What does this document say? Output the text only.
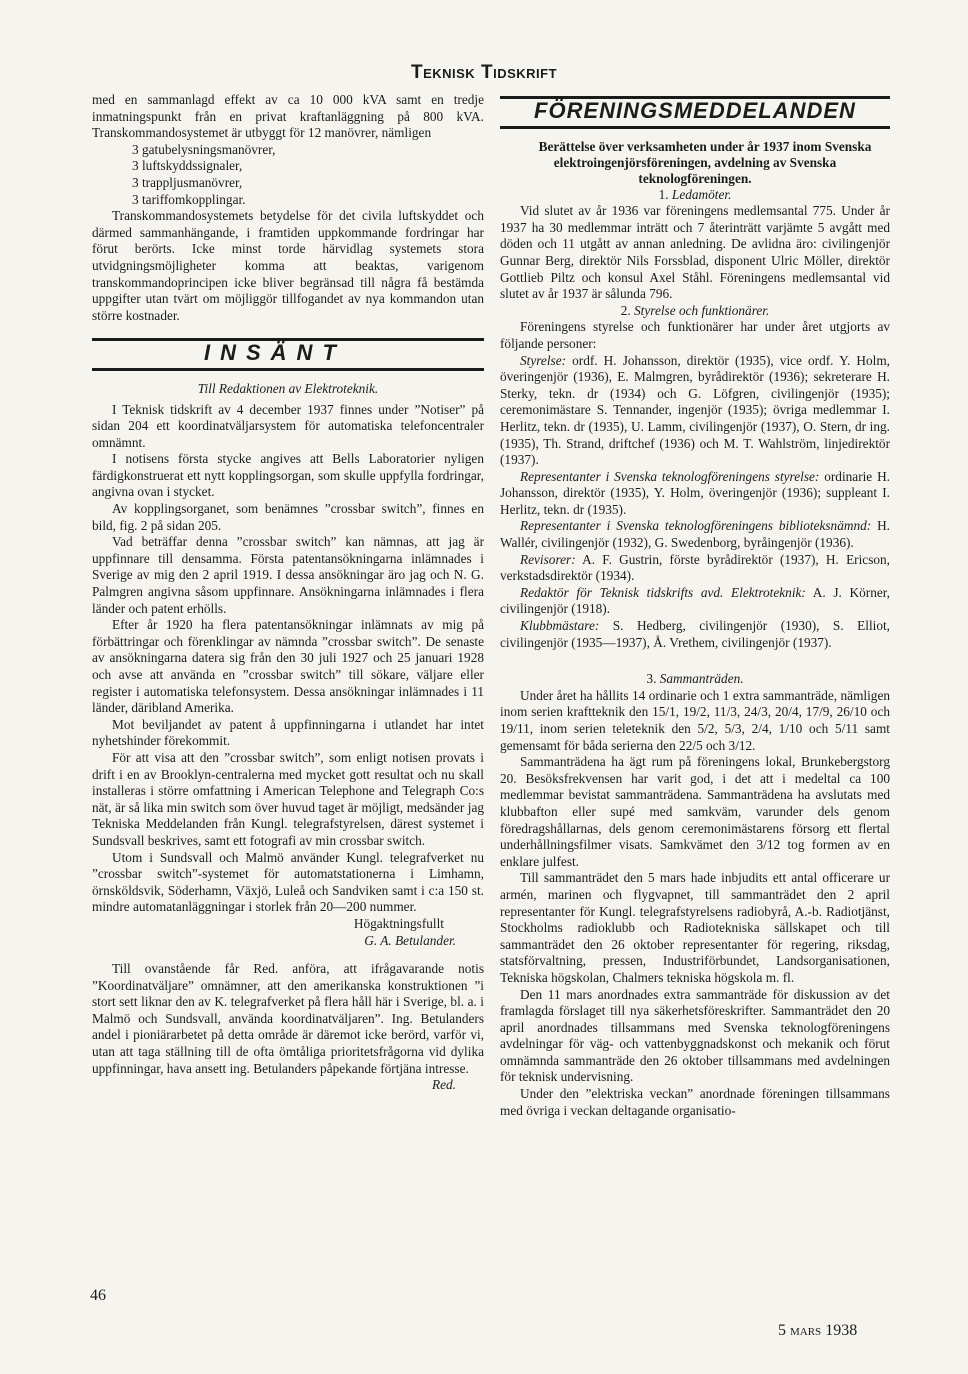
Teknisk Tidskrift

med en sammanlagd effekt av ca 10 000 kVA samt en tredje inmatningspunkt från en privat kraftanläggning på 800 kVA. Transkommandosystemet är utbyggt för 12 manövrer, nämligen

3 gatubelysningsmanövrer,

3 luftskyddssignaler,

3 trappljusmanövrer,

3 tariffomkopplingar.

Transkommandosystemets betydelse för det civila luftskyddet och därmed sammanhängande, i framtiden uppkommande fordringar har förut berörts. Icke minst torde härvidlag systemets stora utvidgningsmöjligheter komma att beaktas, varigenom transkommandoprincipen icke bliver begränsad till några få bestämda uppgifter utan tvärt om möjliggör tillfogandet av nya kommandon utan större kostnader.

INSÄNT

Till Redaktionen av Elektroteknik.

I Teknisk tidskrift av 4 december 1937 finnes under ”Notiser” på sidan 204 ett koordinatväljarsystem för automatiska telefoncentraler omnämnt.

I notisens första stycke angives att Bells Laboratorier nyligen färdigkonstruerat ett nytt kopplingsorgan, som skulle uppfylla fordringar, angivna ovan i stycket.

Av kopplingsorganet, som benämnes ”crossbar switch”, finnes en bild, fig. 2 på sidan 205.

Vad beträffar denna ”crossbar switch” kan nämnas, att jag är uppfinnare till densamma. Första patentansökningarna inlämnades i Sverige av mig den 2 april 1919. I dessa ansökningar äro jag och N. G. Palmgren angivna såsom uppfinnare. Ansökningarna inlämnades i flera länder och patent erhölls.

Efter år 1920 ha flera patentansökningar inlämnats av mig på förbättringar och förenklingar av nämnda ”crossbar switch”. De senaste av ansökningarna datera sig från den 30 juli 1927 och 25 januari 1928 och avse att använda en ”crossbar switch” till sökare, väljare eller register i automatiska telefonsystem. Dessa ansökningar inlämnades i 11 länder, däribland Amerika.

Mot beviljandet av patent å uppfinningarna i utlandet har intet nyhetshinder förekommit.

För att visa att den ”crossbar switch”, som enligt notisen provats i drift i en av Brooklyn-centralerna med mycket gott resultat och nu skall installeras i större omfattning i American Telephone and Telegraph Co:s nät, är så lika min switch som över huvud taget är möjligt, medsänder jag Tekniska Meddelanden från Kungl. telegrafstyrelsen, därest systemet i Sundsvall beskrives, samt ett fotografi av min crossbar switch.

Utom i Sundsvall och Malmö använder Kungl. telegrafverket nu ”crossbar switch”-systemet för automatstationerna i Limhamn, örnsköldsvik, Söderhamn, Växjö, Luleå och Sandviken samt i c:a 150 st. mindre automatanläggningar i storlek från 20—200 nummer.

Högaktningsfullt

G. A. Betulander.

Till ovanstående får Red. anföra, att ifrågavarande notis ”Koordinatväljare” omnämner, att den amerikanska konstruktionen ”i stort sett liknar den av K. telegrafverket på flera håll här i Sverige, bl. a. i Malmö och Sundsvall, använda koordinatväljaren”. Ing. Betulanders andel i pioniärarbetet på detta område är däremot icke berörd, varför vi, utan att taga ställning till de ofta ömtåliga prioritetsfrågorna vid dylika uppfinningar, hava ansett ing. Betulanders påpekande förtjäna intresse.

Red.

FÖRENINGSMEDDELANDEN

Berättelse över verksamheten under år 1937 inom Svenska elektroingenjörsföreningen, avdelning av Svenska teknologföreningen.

1. Ledamöter.

Vid slutet av år 1936 var föreningens medlemsantal 775. Under år 1937 ha 30 medlemmar inträtt och 7 återinträtt varjämte 5 avgått med döden och 11 utgått av annan anledning. De avlidna äro: civilingenjör Gunnar Berg, direktör Nils Forssblad, disponent Ulric Möller, direktör Gottlieb Piltz och konsul Axel Ståhl. Föreningens medlemsantal vid slutet av år 1937 är sålunda 796.

2. Styrelse och funktionärer.

Föreningens styrelse och funktionärer har under året utgjorts av följande personer:

Styrelse: ordf. H. Johansson, direktör (1935), vice ordf. Y. Holm, överingenjör (1936), E. Malmgren, byrådirektör (1936); sekreterare H. Sterky, tekn. dr (1934) och G. Löfgren, civilingenjör (1935); ceremonimästare S. Tennander, ingenjör (1935); övriga medlemmar I. Herlitz, tekn. dr (1935), U. Lamm, civilingenjör (1937), O. Stern, dr ing. (1935), Th. Strand, driftchef (1936) och M. T. Wahlström, linjedirektör (1937).

Representanter i Svenska teknologföreningens styrelse: ordinarie H. Johansson, direktör (1935), Y. Holm, överingenjör (1936); suppleant I. Herlitz, tekn. dr (1935).

Representanter i Svenska teknologföreningens biblioteksnämnd: H. Wallér, civilingenjör (1932), G. Swedenborg, byråingenjör (1936).

Revisorer: A. F. Gustrin, förste byrådirektör (1937), H. Ericson, verkstadsdirektör (1934).

Redaktör för Teknisk tidskrifts avd. Elektroteknik: A. J. Körner, civilingenjör (1918).

Klubbmästare: S. Hedberg, civilingenjör (1930), S. Elliot, civilingenjör (1935—1937), Å. Vrethem, civilingenjör (1937).

3. Sammanträden.

Under året ha hållits 14 ordinarie och 1 extra sammanträde, nämligen inom serien kraftteknik den 15/1, 19/2, 11/3, 24/3, 20/4, 17/9, 26/10 och 19/11, inom serien teleteknik den 5/2, 5/3, 2/4, 1/10 och 5/11 samt gemensamt för båda serierna den 22/5 och 3/12.

Sammanträdena ha ägt rum på föreningens lokal, Brunkebergstorg 20. Besöksfrekvensen har varit god, i det att i medeltal ca 100 medlemmar bevistat sammanträdena. Sammanträdena ha avslutats med klubbafton eller supé med samkväm, varunder dels genom föredragshållarnas, dels genom ceremonimästarens försorg ett flertal underhållningsfilmer visats. Samkvämet den 3/12 tog formen av en enklare julfest.

Till sammanträdet den 5 mars hade inbjudits ett antal officerare ur armén, marinen och flygvapnet, till sammanträdet den 2 april representanter för Kungl. telegrafstyrelsens radiobyrå, A.-b. Radiotjänst, Stockholms radioklubb och Radiotekniska sällskapet och till sammanträdet den 26 oktober representanter för regering, riksdag, statsförvaltning, pressen, Industriförbundet, Landsorganisationen, Tekniska högskolan, Chalmers tekniska högskola m. fl.

Den 11 mars anordnades extra sammanträde för diskussion av det framlagda förslaget till nya säkerhetsföreskrifter. Sammanträdet den 20 april anordnades tillsammans med Svenska teknologföreningens avdelningar för väg- och vattenbyggnadskonst och mekanik och förut omnämnda sammanträde den 26 oktober tillsammans med avdelningen för teknisk undervisning.

Under den ”elektriska veckan” anordnade föreningen tillsammans med övriga i veckan deltagande organisatio-

46
5 mars 1938
